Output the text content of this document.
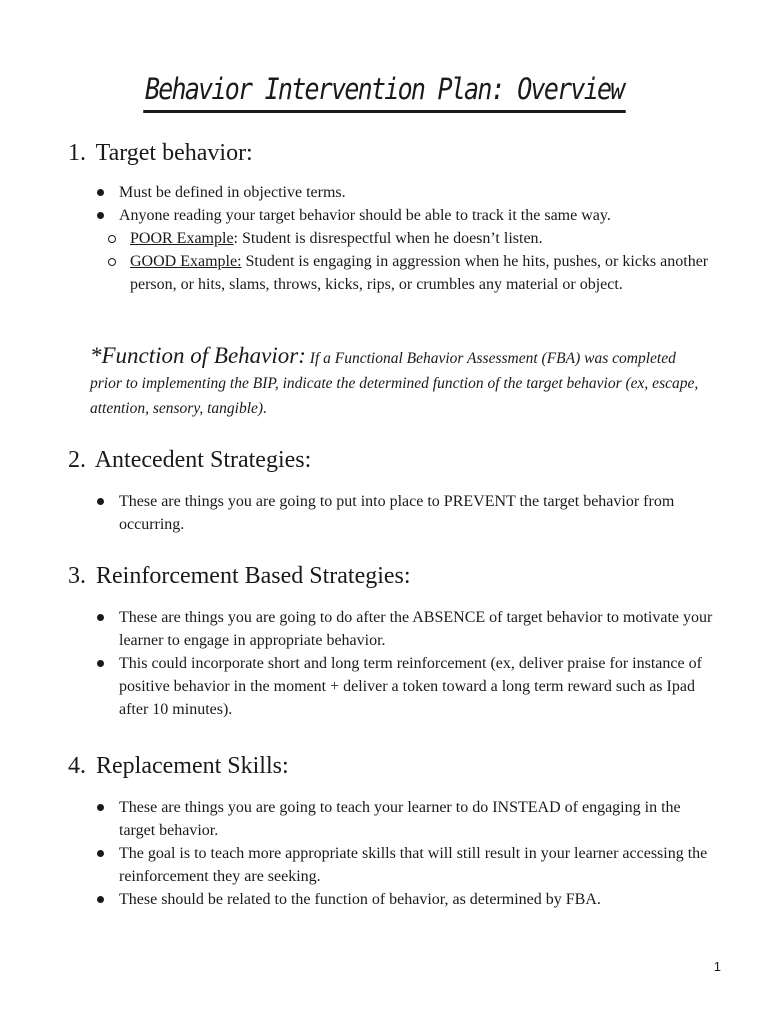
Behavior Intervention Plan: Overview
1. Target behavior:
Must be defined in objective terms.
Anyone reading your target behavior should be able to track it the same way.
POOR Example: Student is disrespectful when he doesn’t listen.
GOOD Example: Student is engaging in aggression when he hits, pushes, or kicks another person, or hits, slams, throws, kicks, rips, or crumbles any material or object.
*Function of Behavior: If a Functional Behavior Assessment (FBA) was completed prior to implementing the BIP, indicate the determined function of the target behavior (ex, escape, attention, sensory, tangible).
2. Antecedent Strategies:
These are things you are going to put into place to PREVENT the target behavior from occurring.
3. Reinforcement Based Strategies:
These are things you are going to do after the ABSENCE of target behavior to motivate your learner to engage in appropriate behavior.
This could incorporate short and long term reinforcement (ex, deliver praise for instance of positive behavior in the moment + deliver a token toward a long term reward such as Ipad after 10 minutes).
4. Replacement Skills:
These are things you are going to teach your learner to do INSTEAD of engaging in the target behavior.
The goal is to teach more appropriate skills that will still result in your learner accessing the reinforcement they are seeking.
These should be related to the function of behavior, as determined by FBA.
1
